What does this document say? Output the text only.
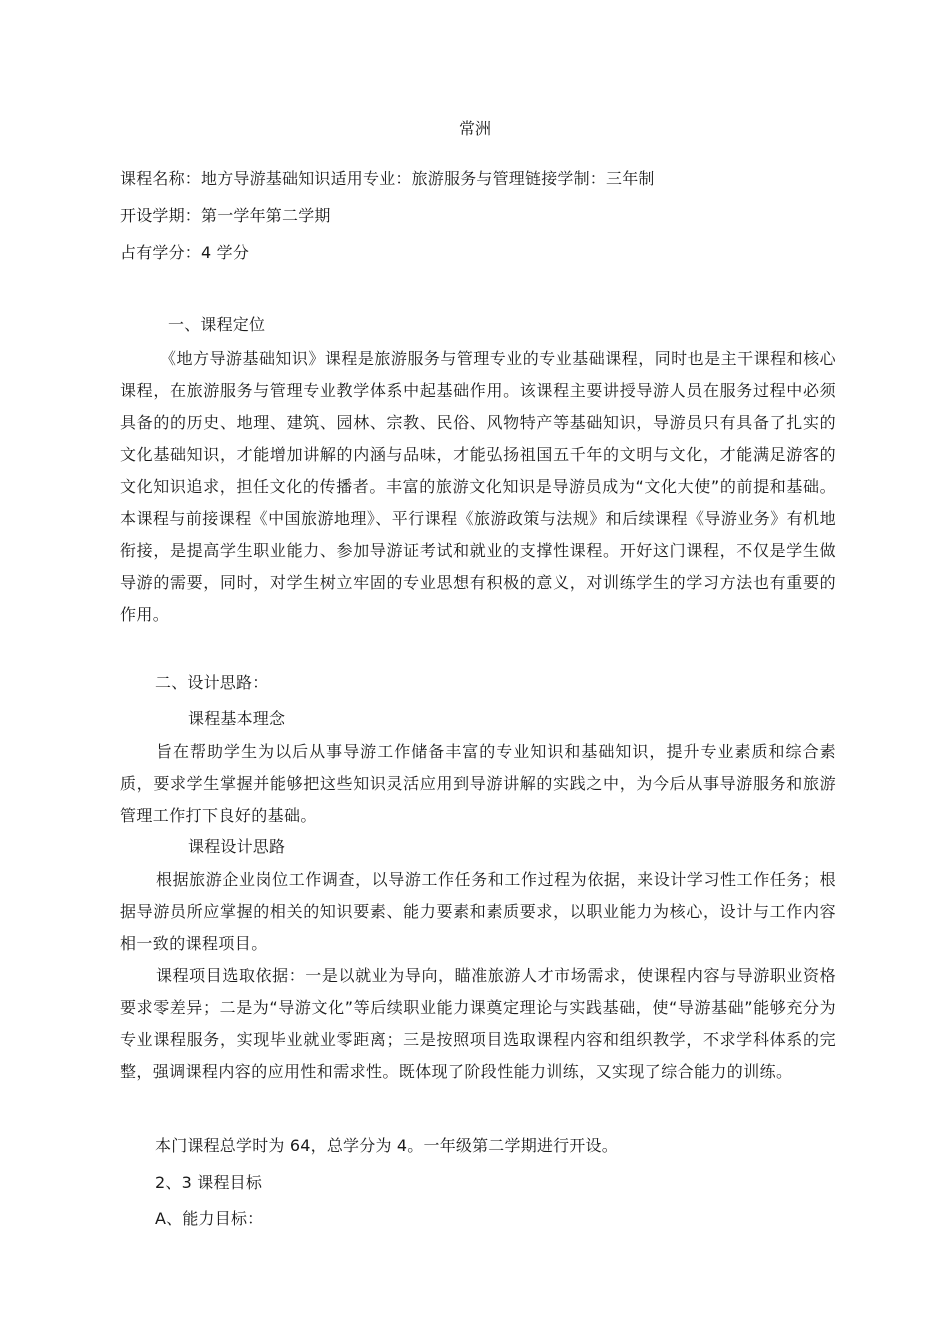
常洲
课程名称：地方导游基础知识适用专业：旅游服务与管理链接学制：三年制
开设学期：第一学年第二学期
占有学分：4 学分
一、课程定位
《地方导游基础知识》课程是旅游服务与管理专业的专业基础课程，同时也是主干课程和核心课程，在旅游服务与管理专业教学体系中起基础作用。该课程主要讲授导游人员在服务过程中必须具备的的历史、地理、建筑、园林、宗教、民俗、风物特产等基础知识，导游员只有具备了扎实的文化基础知识，才能增加讲解的内涵与品味，才能弘扬祖国五千年的文明与文化，才能满足游客的文化知识追求，担任文化的传播者。丰富的旅游文化知识是导游员成为“文化大使”的前提和基础。本课程与前接课程《中国旅游地理》、平行课程《旅游政策与法规》和后续课程《导游业务》有机地衔接，是提高学生职业能力、参加导游证考试和就业的支撑性课程。开好这门课程，不仅是学生做导游的需要，同时，对学生树立牢固的专业思想有积极的意义，对训练学生的学习方法也有重要的作用。
二、设计思路：
课程基本理念
旨在帮助学生为以后从事导游工作储备丰富的专业知识和基础知识，提升专业素质和综合素质，要求学生掌握并能够把这些知识灵活应用到导游讲解的实践之中，为今后从事导游服务和旅游管理工作打下良好的基础。
课程设计思路
根据旅游企业岗位工作调查，以导游工作任务和工作过程为依据，来设计学习性工作任务；根据导游员所应掌握的相关的知识要素、能力要素和素质要求，以职业能力为核心，设计与工作内容相一致的课程项目。
课程项目选取依据：一是以就业为导向，瞄准旅游人才市场需求，使课程内容与导游职业资格要求零差异；二是为“导游文化”等后续职业能力课奠定理论与实践基础，使“导游基础”能够充分为专业课程服务，实现毕业就业零距离；三是按照项目选取课程内容和组织教学，不求学科体系的完整，强调课程内容的应用性和需求性。既体现了阶段性能力训练，又实现了综合能力的训练。
本门课程总学时为 64，总学分为 4。一年级第二学期进行开设。
2、3 课程目标
A、能力目标：
